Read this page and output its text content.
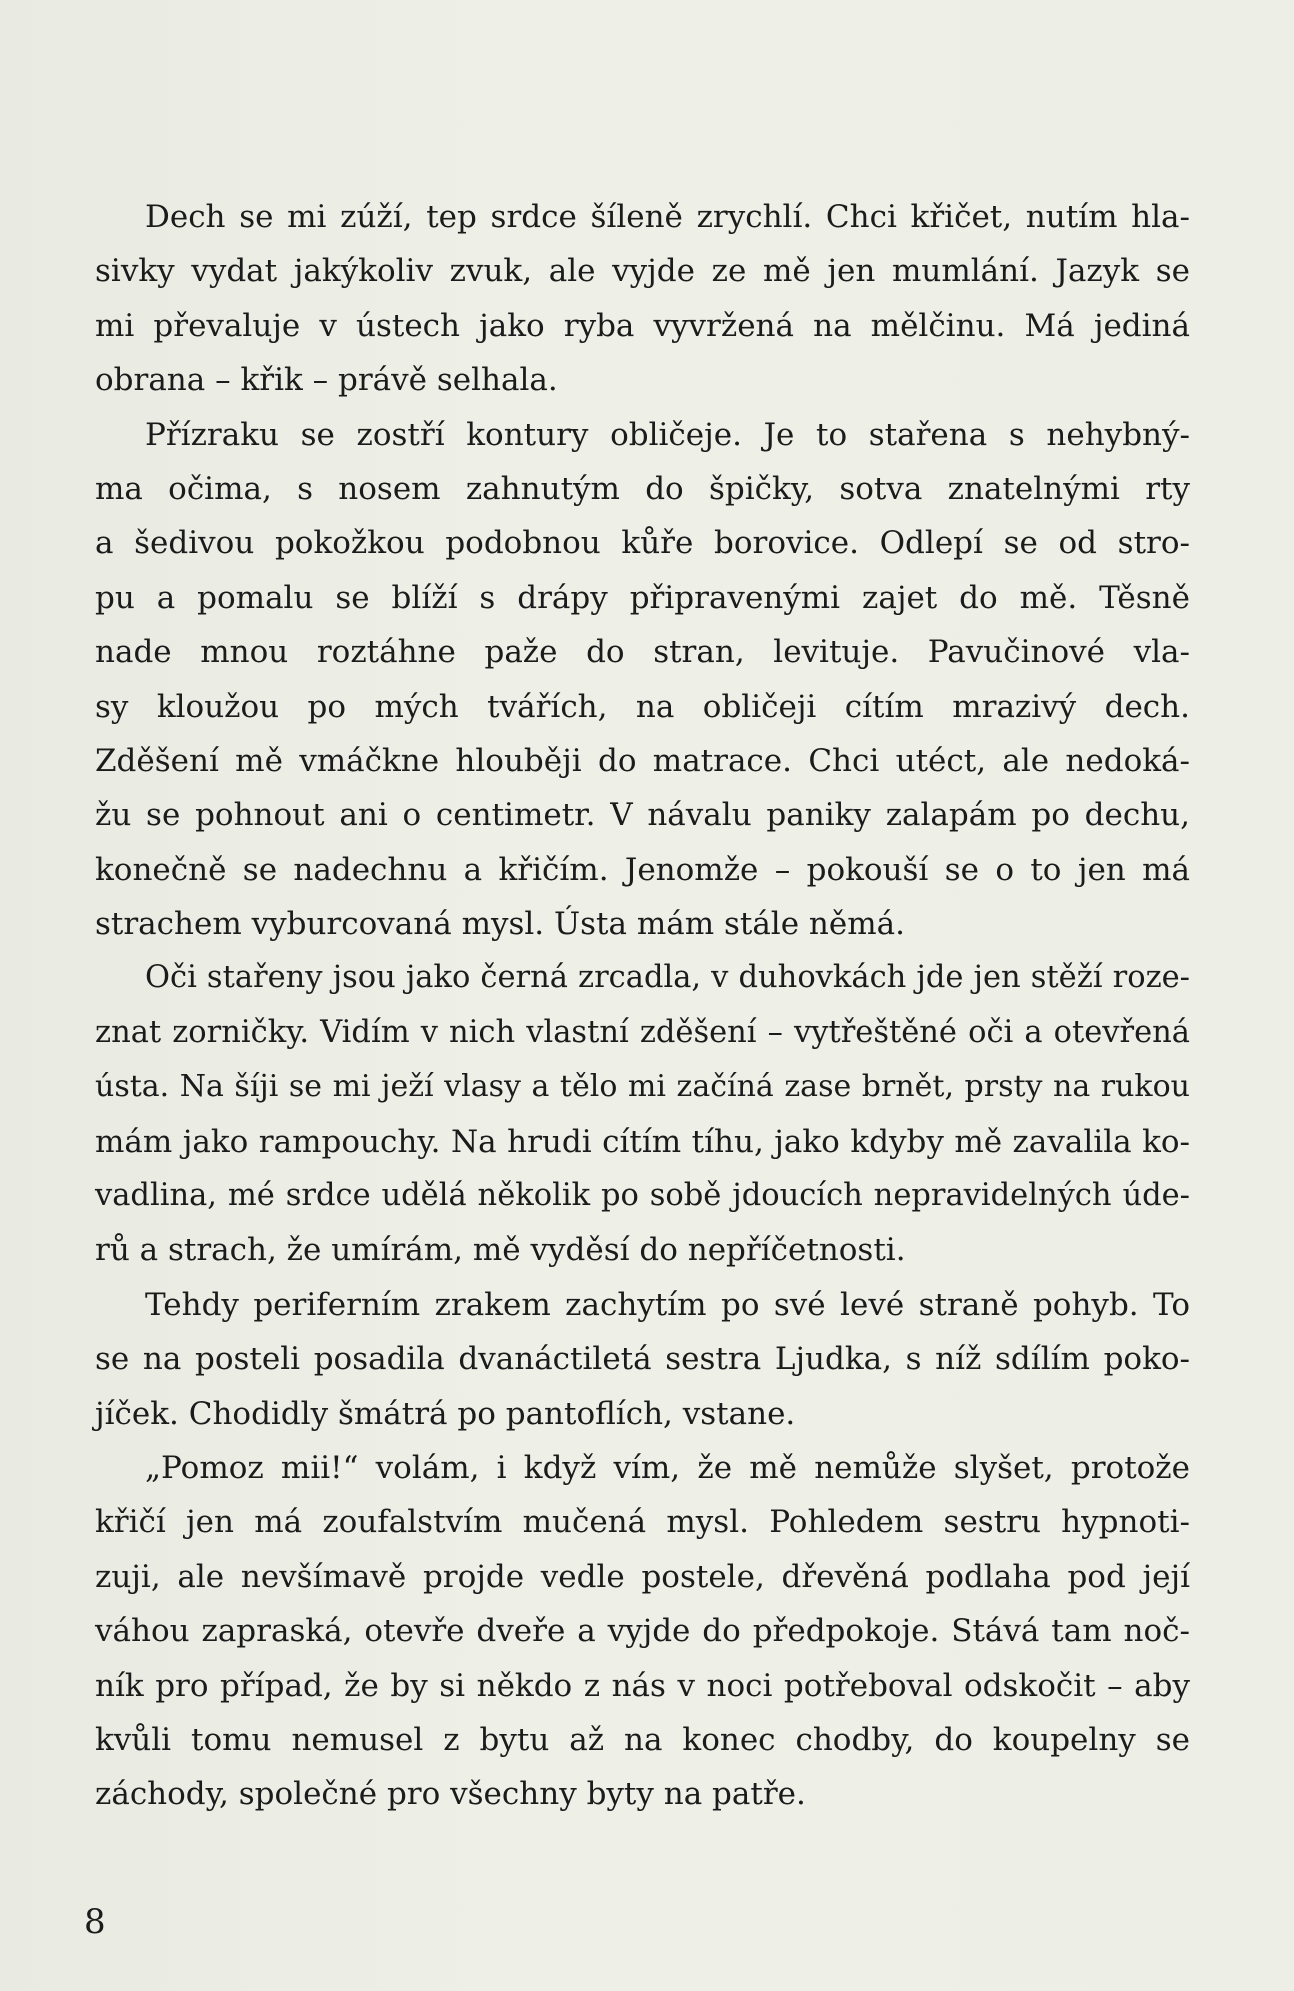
Dech se mi zúží, tep srdce šíleně zrychlí. Chci křičet, nutím hla-
sivky vydat jakýkoliv zvuk, ale vyjde ze mě jen mumlání. Jazyk se
mi převaluje v ústech jako ryba vyvržená na mělčinu. Má jediná
obrana – křik – právě selhala.
Přízraku se zostří kontury obličeje. Je to stařena s nehybný-
ma očima, s nosem zahnutým do špičky, sotva znatelnými rty
a šedivou pokožkou podobnou kůře borovice. Odlepí se od stro-
pu a pomalu se blíží s drápy připravenými zajet do mě. Těsně
nade mnou roztáhne paže do stran, levituje. Pavučinové vla-
sy kloužou po mých tvářích, na obličeji cítím mrazivý dech.
Zděšení mě vmáčkne hlouběji do matrace. Chci utéct, ale nedoká-
žu se pohnout ani o centimetr. V návalu paniky zalapám po dechu,
konečně se nadechnu a křičím. Jenomže – pokouší se o to jen má
strachem vyburcovaná mysl. Ústa mám stále němá.
Oči stařeny jsou jako černá zrcadla, v duhovkách jde jen stěží roze-
znat zorničky. Vidím v nich vlastní zděšení – vytřeštěné oči a otevřená
ústa. Na šíji se mi ježí vlasy a tělo mi začíná zase brnět, prsty na rukou
mám jako rampouchy. Na hrudi cítím tíhu, jako kdyby mě zavalila ko-
vadlina, mé srdce udělá několik po sobě jdoucích nepravidelných úde-
rů a strach, že umírám, mě vyděsí do nepříčetnosti.
Tehdy periferním zrakem zachytím po své levé straně pohyb. To
se na posteli posadila dvanáctiletá sestra Ljudka, s níž sdílím poko-
jíček. Chodidly šmátrá po pantoflích, vstane.
„Pomoz mii!“ volám, i když vím, že mě nemůže slyšet, protože
křičí jen má zoufalstvím mučená mysl. Pohledem sestru hypnoti-
zuji, ale nevšímavě projde vedle postele, dřevěná podlaha pod její
váhou zapraská, otevře dveře a vyjde do předpokoje. Stává tam noč-
ník pro případ, že by si někdo z nás v noci potřeboval odskočit – aby
kvůli tomu nemusel z bytu až na konec chodby, do koupelny se
záchody, společné pro všechny byty na patře.
8
